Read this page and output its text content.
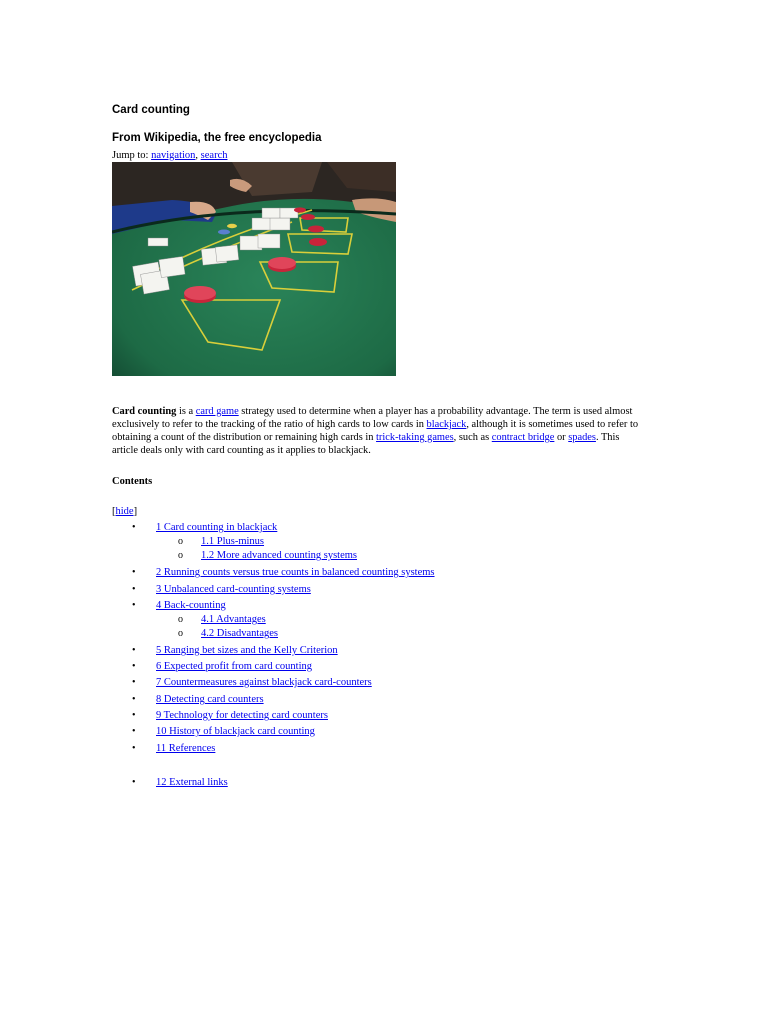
Card counting
From Wikipedia, the free encyclopedia
Jump to: navigation, search

Card counting is a card game strategy used to determine when a player has a probability advantage. The term is used almost exclusively to refer to the tracking of the ratio of high cards to low cards in blackjack, although it is sometimes used to refer to obtaining a count of the distribution or remaining high cards in trick-taking games, such as contract bridge or spades. This article deals only with card counting as it applies to blackjack.

Contents
[hide]
• 1 Card counting in blackjack
o 1.1 Plus-minus
o 1.2 More advanced counting systems
• 2 Running counts versus true counts in balanced counting systems
• 3 Unbalanced card-counting systems
• 4 Back-counting
o 4.1 Advantages
o 4.2 Disadvantages
• 5 Ranging bet sizes and the Kelly Criterion
• 6 Expected profit from card counting
• 7 Countermeasures against blackjack card-counters
• 8 Detecting card counters
• 9 Technology for detecting card counters
• 10 History of blackjack card counting
• 11 References
• 12 External links
